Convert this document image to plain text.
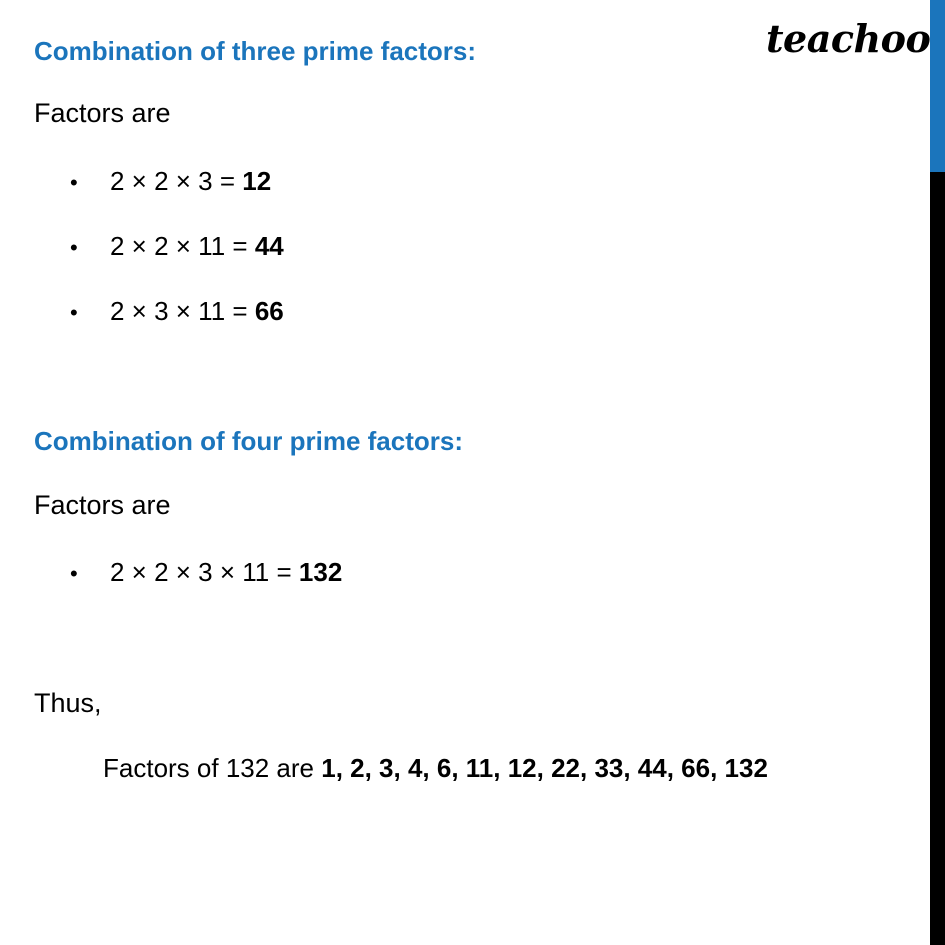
teachoo
Combination of three prime factors:

Factors are

• 2 × 2 × 3 = 12
• 2 × 2 × 11 = 44
• 2 × 3 × 11 = 66
Combination of four prime factors:

Factors are

• 2 × 2 × 3 × 11 = 132

Thus,

Factors of 132 are 1, 2, 3, 4, 6, 11, 12, 22, 33, 44, 66, 132
